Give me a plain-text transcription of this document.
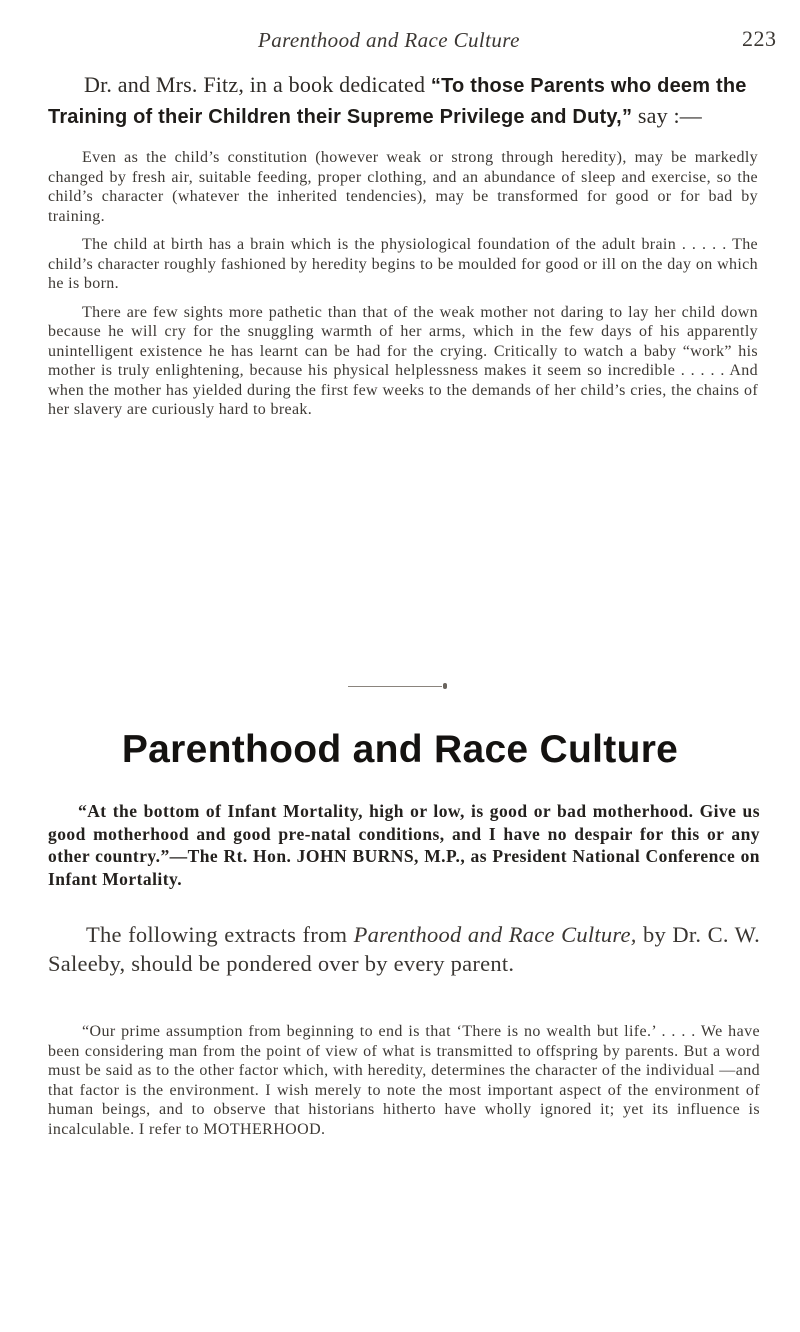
Parenthood and Race Culture	223

Dr. and Mrs. Fitz, in a book dedicated “To those Parents who deem the Training of their Children their Supreme Privilege and Duty,” say :—

Even as the child’s constitution (however weak or strong through heredity), may be markedly changed by fresh air, suitable feeding, proper clothing, and an abundance of sleep and exercise, so the child’s character (whatever the inherited tendencies), may be transformed for good or for bad by training.

The child at birth has a brain which is the physiological foundation of the adult brain . . . . . The child’s character roughly fashioned by heredity begins to be moulded for good or ill on the day on which he is born.

There are few sights more pathetic than that of the weak mother not daring to lay her child down because he will cry for the snuggling warmth of her arms, which in the few days of his apparently unintelligent existence he has learnt can be had for the crying. Critically to watch a baby “work” his mother is truly enlightening, because his physical helplessness makes it seem so incredible . . . . . And when the mother has yielded during the first few weeks to the demands of her child’s cries, the chains of her slavery are curiously hard to break.

Parenthood and Race Culture

“At the bottom of Infant Mortality, high or low, is good or bad motherhood. Give us good motherhood and good pre-natal conditions, and I have no despair for this or any other country.”—The Rt. Hon. JOHN BURNS, M.P., as President National Conference on Infant Mortality.

The following extracts from Parenthood and Race Culture, by Dr. C. W. Saleeby, should be pondered over by every parent.

“Our prime assumption from beginning to end is that ‘There is no wealth but life.’ . . . . We have been considering man from the point of view of what is transmitted to offspring by parents. But a word must be said as to the other factor which, with heredity, determines the character of the individual —and that factor is the environment. I wish merely to note the most important aspect of the environment of human beings, and to observe that historians hitherto have wholly ignored it; yet its influence is incalculable. I refer to MOTHERHOOD.
